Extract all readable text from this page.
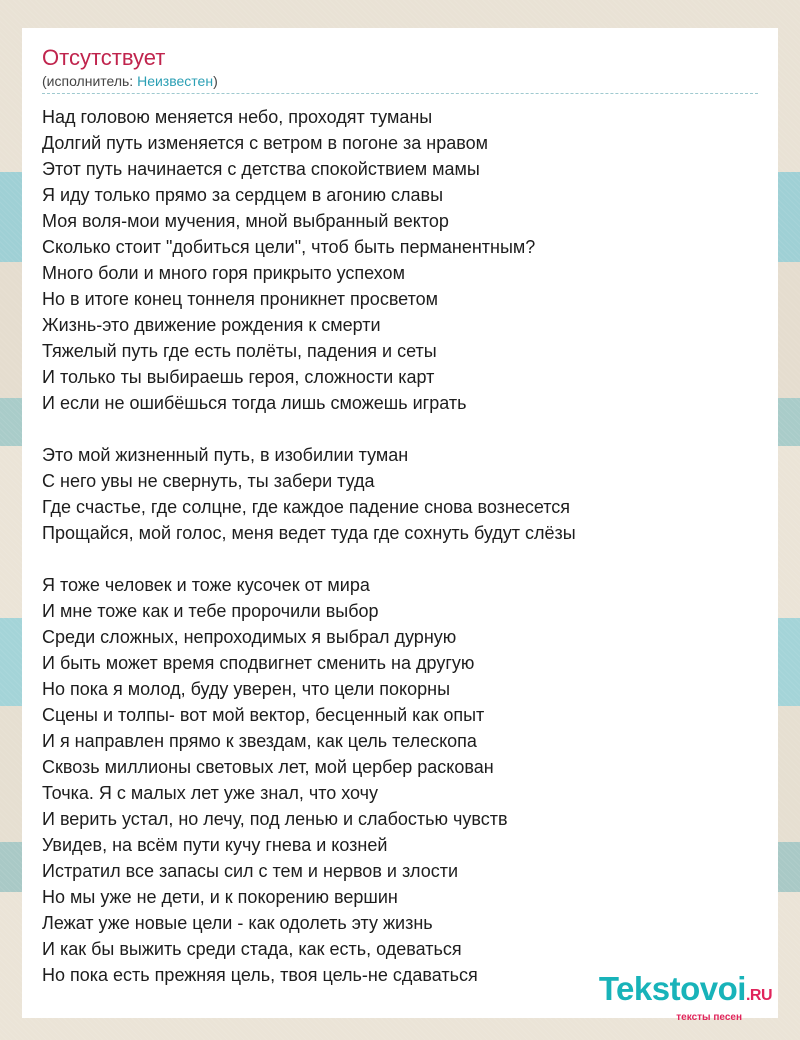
Отсутствует
(исполнитель: Неизвестен)
Над головою меняется небо, проходят туманы
Долгий путь изменяется с ветром в погоне за нравом
Этот путь начинается с детства спокойствием мамы
Я иду только прямо за сердцем в агонию славы
Моя воля-мои мучения, мной выбранный вектор
Сколько стоит "добиться цели", чтоб быть перманентным?
Много боли и много горя прикрыто успехом
Но в итоге конец тоннеля проникнет просветом
Жизнь-это движение рождения к смерти
Тяжелый путь где есть полёты, падения и сеты
И только ты выбираешь героя, сложности карт
И если не ошибёшься тогда лишь сможешь играть
Это мой жизненный путь, в изобилии туман
С него увы не свернуть, ты забери туда
Где счастье, где солцне, где каждое падение снова вознесется
Прощайся, мой голос, меня ведет туда где сохнуть будут слёзы
Я тоже человек и тоже кусочек от мира
И мне тоже как и тебе пророчили выбор
Среди сложных, непроходимых я выбрал дурную
И быть может время сподвигнет сменить на другую
Но пока я молод, буду уверен, что цели покорны
Сцены и толпы- вот мой вектор, бесценный как опыт
И я направлен прямо к звездам, как цель телескопа
Сквозь миллионы световых лет, мой цербер раскован
Точка. Я с малых лет уже знал, что хочу
И верить устал, но лечу, под ленью и слабостью чувств
Увидев, на всём пути кучу гнева и козней
Истратил все запасы сил с тем и нервов и злости
Но мы уже не дети, и к покорению вершин
Лежат уже новые цели - как одолеть эту жизнь
И как бы выжить среди стада, как есть, одеваться
Но пока есть прежняя цель, твоя цель-не сдаваться	Tekstovoi.RU
тексты песен
